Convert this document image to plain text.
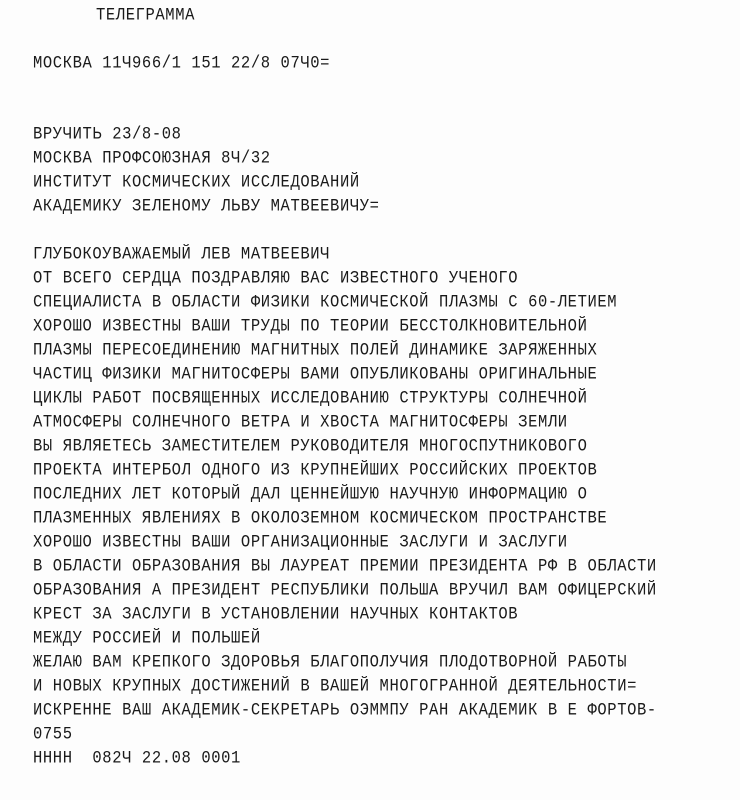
ТЕЛЕГРАММА
МОСКВА 11Ч966/1 151 22/8 07Ч0=
ВРУЧИТЬ 23/8-08
МОСКВА ПРОФСОЮЗНАЯ 8Ч/32
ИНСТИТУТ КОСМИЧЕСКИХ ИССЛЕДОВАНИЙ
АКАДЕМИКУ ЗЕЛЕНОМУ ЛЬВУ МАТВЕЕВИЧУ=
ГЛУБОКОУВАЖАЕМЫЙ ЛЕВ МАТВЕЕВИЧ
ОТ ВСЕГО СЕРДЦА ПОЗДРАВЛЯЮ ВАС ИЗВЕСТНОГО УЧЕНОГО
СПЕЦИАЛИСТА В ОБЛАСТИ ФИЗИКИ КОСМИЧЕСКОЙ ПЛАЗМЫ С 60-ЛЕТИЕМ
ХОРОШО ИЗВЕСТНЫ ВАШИ ТРУДЫ ПО ТЕОРИИ БЕССТОЛКНОВИТЕЛЬНОЙ
ПЛАЗМЫ ПЕРЕСОЕДИНЕНИЮ МАГНИТНЫХ ПОЛЕЙ ДИНАМИКЕ ЗАРЯЖЕННЫХ
ЧАСТИЦ ФИЗИКИ МАГНИТОСФЕРЫ ВАМИ ОПУБЛИКОВАНЫ ОРИГИНАЛЬНЫЕ
ЦИКЛЫ РАБОТ ПОСВЯЩЕННЫХ ИССЛЕДОВАНИЮ СТРУКТУРЫ СОЛНЕЧНОЙ
АТМОСФЕРЫ СОЛНЕЧНОГО ВЕТРА И ХВОСТА МАГНИТОСФЕРЫ ЗЕМЛИ
ВЫ ЯВЛЯЕТЕСЬ ЗАМЕСТИТЕЛЕМ РУКОВОДИТЕЛЯ МНОГОСПУТНИКОВОГО
ПРОЕКТА ИНТЕРБОЛ ОДНОГО ИЗ КРУПНЕЙШИХ РОССИЙСКИХ ПРОЕКТОВ
ПОСЛЕДНИХ ЛЕТ КОТОРЫЙ ДАЛ ЦЕННЕЙШУЮ НАУЧНУЮ ИНФОРМАЦИЮ О
ПЛАЗМЕННЫХ ЯВЛЕНИЯХ В ОКОЛОЗЕМНОМ КОСМИЧЕСКОМ ПРОСТРАНСТВЕ
ХОРОШО ИЗВЕСТНЫ ВАШИ ОРГАНИЗАЦИОННЫЕ ЗАСЛУГИ И ЗАСЛУГИ
В ОБЛАСТИ ОБРАЗОВАНИЯ ВЫ ЛАУРЕАТ ПРЕМИИ ПРЕЗИДЕНТА РФ В ОБЛАСТИ
ОБРАЗОВАНИЯ А ПРЕЗИДЕНТ РЕСПУБЛИКИ ПОЛЬША ВРУЧИЛ ВАМ ОФИЦЕРСКИЙ
КРЕСТ ЗА ЗАСЛУГИ В УСТАНОВЛЕНИИ НАУЧНЫХ КОНТАКТОВ
МЕЖДУ РОССИЕЙ И ПОЛЬШЕЙ
ЖЕЛАЮ ВАМ КРЕПКОГО ЗДОРОВЬЯ БЛАГОПОЛУЧИЯ ПЛОДОТВОРНОЙ РАБОТЫ
И НОВЫХ КРУПНЫХ ДОСТИЖЕНИЙ В ВАШЕЙ МНОГОГРАННОЙ ДЕЯТЕЛЬНОСТИ=
ИСКРЕННЕ ВАШ АКАДЕМИК-СЕКРЕТАРЬ ОЭММПУ РАН АКАДЕМИК В Е ФОРТОВ-
0755
НННН  082Ч 22.08 0001
